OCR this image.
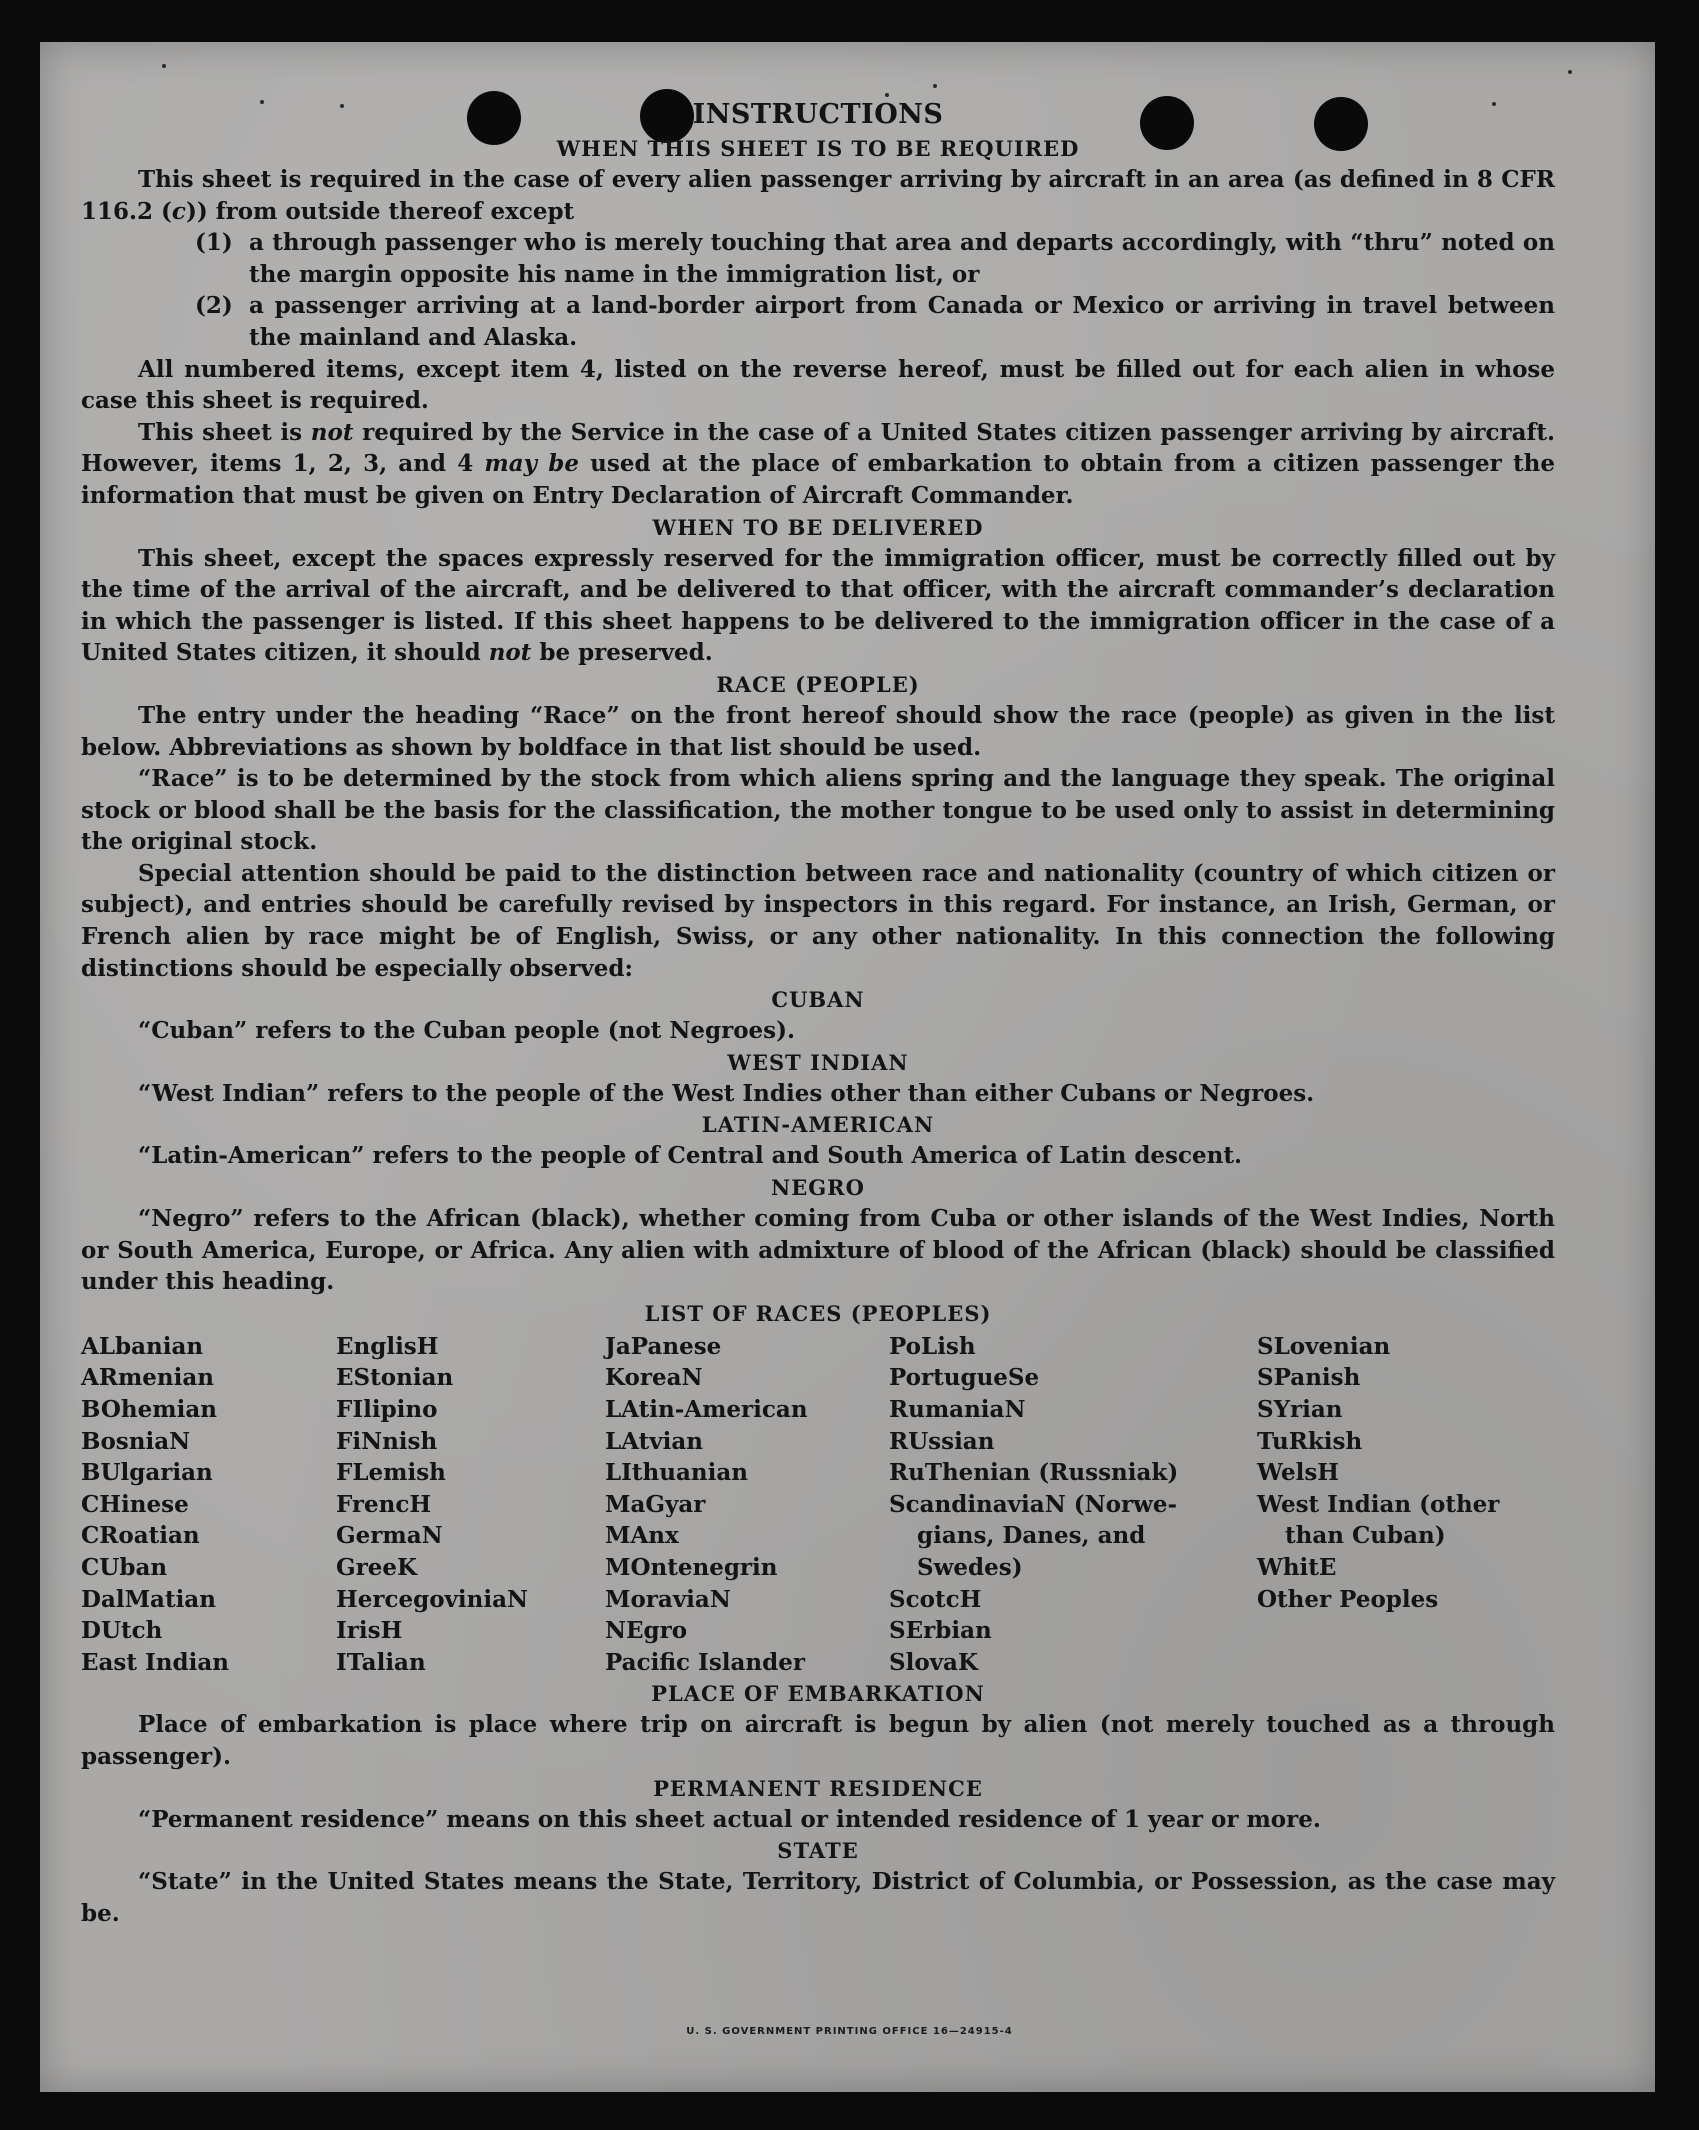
INSTRUCTIONS
WHEN THIS SHEET IS TO BE REQUIRED

This sheet is required in the case of every alien passenger arriving by aircraft in an area (as defined in 8 CFR 116.2 (c)) from outside thereof except

(1) a through passenger who is merely touching that area and departs accordingly, with “thru” noted on the margin opposite his name in the immigration list, or
(2) a passenger arriving at a land-border airport from Canada or Mexico or arriving in travel between the mainland and Alaska.

All numbered items, except item 4, listed on the reverse hereof, must be filled out for each alien in whose case this sheet is required.

This sheet is not required by the Service in the case of a United States citizen passenger arriving by aircraft. However, items 1, 2, 3, and 4 may be used at the place of embarkation to obtain from a citizen passenger the information that must be given on Entry Declaration of Aircraft Commander.

WHEN TO BE DELIVERED

This sheet, except the spaces expressly reserved for the immigration officer, must be correctly filled out by the time of the arrival of the aircraft, and be delivered to that officer, with the aircraft commander’s declaration in which the passenger is listed. If this sheet happens to be delivered to the immigration officer in the case of a United States citizen, it should not be preserved.

RACE (PEOPLE)

The entry under the heading “Race” on the front hereof should show the race (people) as given in the list below. Abbreviations as shown by boldface in that list should be used.

“Race” is to be determined by the stock from which aliens spring and the language they speak. The original stock or blood shall be the basis for the classification, the mother tongue to be used only to assist in determining the original stock.

Special attention should be paid to the distinction between race and nationality (country of which citizen or subject), and entries should be carefully revised by inspectors in this regard. For instance, an Irish, German, or French alien by race might be of English, Swiss, or any other nationality. In this connection the following distinctions should be especially observed:

CUBAN
“Cuban” refers to the Cuban people (not Negroes).
WEST INDIAN
“West Indian” refers to the people of the West Indies other than either Cubans or Negroes.
LATIN-AMERICAN
“Latin-American” refers to the people of Central and South America of Latin descent.
NEGRO

“Negro” refers to the African (black), whether coming from Cuba or other islands of the West Indies, North or South America, Europe, or Africa. Any alien with admixture of blood of the African (black) should be classified under this heading.

LIST OF RACES (PEOPLES)
ALbanian
ARmenian
BOhemian
BosniaN
BUlgarian
CHinese
CRoatian
CUban
DalMatian
DUtch
East Indian
EnglisH
EStonian
FIlipino
FiNnish
FLemish
FrencH
GermaN
GreeK
HercegoviniaN
IrisH
ITalian
JaPanese
KoreaN
LAtin-American
LAtvian
LIthuanian
MaGyar
MAnx
MOntenegrin
MoraviaN
NEgro
Pacific Islander
PoLish
PortugueSe
RumaniaN
RUssian
RuThenian (Russniak)
ScandinaviaN (Norwe-
gians, Danes, and
Swedes)
ScotcH
SErbian
SlovaK
SLovenian
SPanish
SYrian
TuRkish
WelsH
West Indian (other
than Cuban)
WhitE
Other Peoples
PLACE OF EMBARKATION

Place of embarkation is place where trip on aircraft is begun by alien (not merely touched as a through passenger).

PERMANENT RESIDENCE
“Permanent residence” means on this sheet actual or intended residence of 1 year or more.
STATE

“State” in the United States means the State, Territory, District of Columbia, or Possession, as the case may be.

U. S. GOVERNMENT PRINTING OFFICE 16—24915-4
